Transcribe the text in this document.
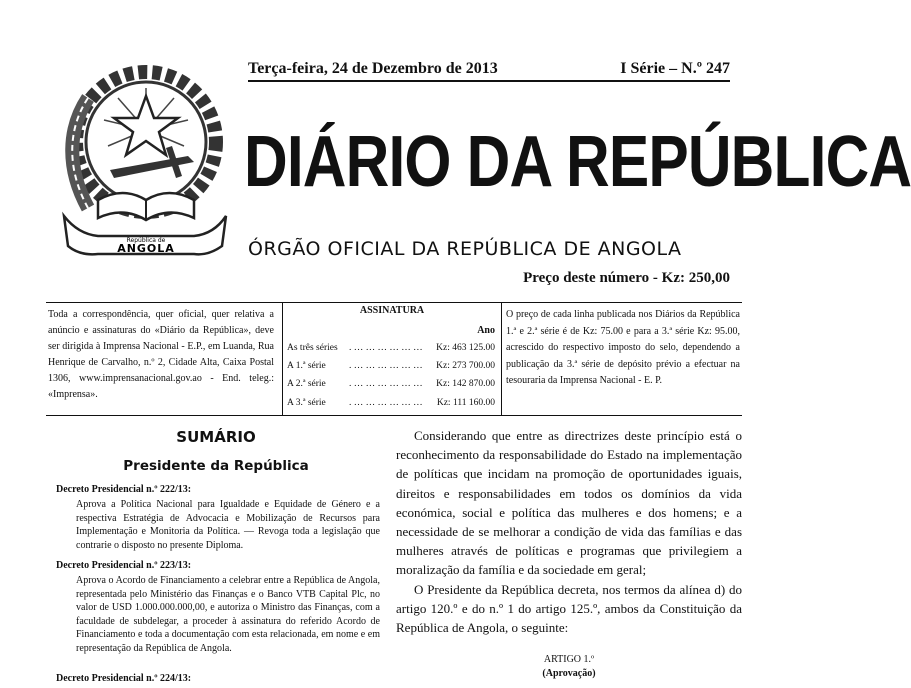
República de
ANGOLA
Terça-feira, 24 de Dezembro de 2013	I Série – N.º 247
DIÁRIO DA REPÚBLICA
ÓRGÃO OFICIAL DA REPÚBLICA DE ANGOLA
Preço deste número - Kz: 250,00
Toda a correspondência, quer oficial, quer relativa a anúncio e assinaturas do «Diário da República», deve ser dirigida à Imprensa Nacional - E.P., em Luanda, Rua Henrique de Carvalho, n.º 2, Cidade Alta, Caixa Postal 1306, www.imprensanacional.gov.ao - End. teleg.: «Imprensa».
ASSINATURA
Ano
As três séries . … … … … … … Kz: 463 125.00
A 1.ª série . … … … … … … Kz: 273 700.00
A 2.ª série . … … … … … … Kz: 142 870.00
A 3.ª série . … … … … … … Kz: 111 160.00
O preço de cada linha publicada nos Diários da República 1.ª e 2.ª série é de Kz: 75.00 e para a 3.ª série Kz: 95.00, acrescido do respectivo imposto do selo, dependendo a publicação da 3.ª série de depósito prévio a efectuar na tesouraria da Imprensa Nacional - E. P.
SUMÁRIO
Presidente da República
Decreto Presidencial n.º 222/13:
Aprova a Política Nacional para Igualdade e Equidade de Género e a respectiva Estratégia de Advocacia e Mobilização de Recursos para Implementação e Monitoria da Política. — Revoga toda a legislação que contrarie o disposto no presente Diploma.
Decreto Presidencial n.º 223/13:
Aprova o Acordo de Financiamento a celebrar entre a República de Angola, representada pelo Ministério das Finanças e o Banco VTB Capital Plc, no valor de USD 1.000.000.000,00, e autoriza o Ministro das Finanças, com a faculdade de subdelegar, a proceder à assinatura do referido Acordo de Financiamento e toda a documentação com esta relacionada, em nome e em representação da República de Angola.
Decreto Presidencial n.º 224/13:

Considerando que entre as directrizes deste princípio está o reconhecimento da responsabilidade do Estado na implementação de políticas que incidam na promoção de oportunidades iguais, direitos e responsabilidades em todos os domínios da vida económica, social e política das mulheres e dos homens; e a necessidade de se melhorar a condição de vida das famílias e das mulheres através de políticas e programas que privilegiem a moralização da família e da sociedade em geral;

O Presidente da República decreta, nos termos da alínea d) do artigo 120.º e do n.º 1 do artigo 125.º, ambos da Constituição da República de Angola, o seguinte:

ARTIGO 1.º
(Aprovação)
